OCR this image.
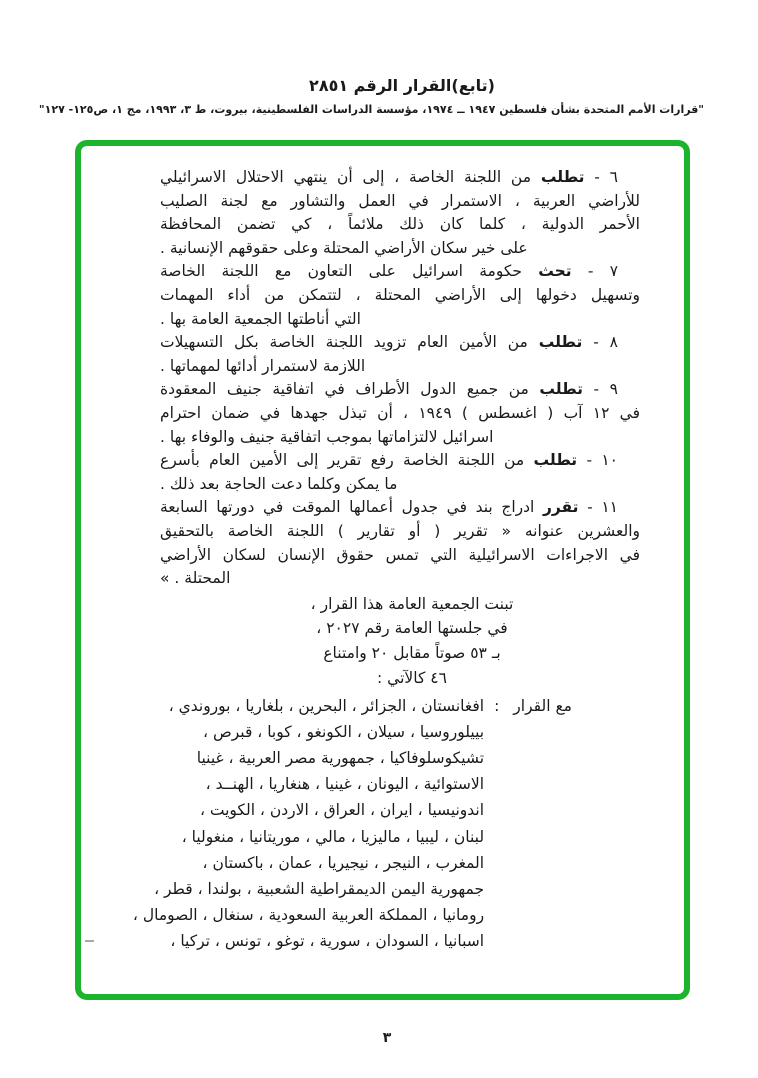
(تابع)القرار الرقم ٢٨٥١
"قرارات الأمم المتحدة بشأن فلسطين ١٩٤٧ ــ ١٩٧٤، مؤسسة الدراسات الفلسطينية، بيروت، ط ٣، ١٩٩٣، مج ١، ص١٢٥- ١٢٧"

٦ - تطلب من اللجنة الخاصة ، إلى أن ينتهي الاحتلال الاسرائيلي
للأراضي العربية ، الاستمرار في العمل والتشاور مع لجنة الصليب
الأحمر الدولية ، كلما كان ذلك ملائماً ، كي تضمن المحافظة
على خير سكان الأراضي المحتلة وعلى حقوقهم الإنسانية .

٧ - تحث حكومة اسرائيل على التعاون مع اللجنة الخاصة
وتسهيل دخولها إلى الأراضي المحتلة ، لتتمكن من أداء المهمات
التي أناطتها الجمعية العامة بها .

٨ - تطلب من الأمين العام تزويد اللجنة الخاصة بكل التسهيلات
اللازمة لاستمرار أدائها لمهماتها .

٩ - تطلب من جميع الدول الأطراف في اتفاقية جنيف المعقودة
في ١٢ آب ( اغسطس ) ١٩٤٩ ، أن تبذل جهدها في ضمان احترام
اسرائيل لالتزاماتها بموجب اتفاقية جنيف والوفاء بها .

١٠ - تطلب من اللجنة الخاصة رفع تقرير إلى الأمين العام بأسرع
ما يمكن وكلما دعت الحاجة بعد ذلك .

١١ - تقرر ادراج بند في جدول أعمالها الموقت في دورتها السابعة
والعشرين عنوانه « تقرير ( أو تقارير ) اللجنة الخاصة بالتحقيق
في الاجراءات الاسرائيلية التي تمس حقوق الإنسان لسكان الأراضي
المحتلة . »

تبنت الجمعية العامة هذا القرار ،
في جلستها العامة رقم ٢٠٢٧ ،
بـ ٥٣ صوتاً مقابل ٢٠ وامتناع
٤٦ كالآتي :
مع القرار
:
افغانستان ، الجزائر ، البحرين ، بلغاريا ، بوروندي ،
بييلوروسيا ، سيلان ، الكونغو ، كوبا ، قبرص ،
تشيكوسلوفاكيا ، جمهورية مصر العربية ، غينيا
الاستوائية ، اليونان ، غينيا ، هنغاريا ، الهنــد ،
اندونيسيا ، ايران ، العراق ، الاردن ، الكويت ،
لبنان ، ليبيا ، ماليزيا ، مالي ، موريتانيا ، منغوليا ،
المغرب ، النيجر ، نيجيريا ، عمان ، باكستان ،
جمهورية اليمن الديمقراطية الشعبية ، بولندا ، قطر ،
رومانيا ، المملكة العربية السعودية ، سنغال ، الصومال ،
اسبانيا ، السودان ، سورية ، توغو ، تونس ، تركيا ،
٣
